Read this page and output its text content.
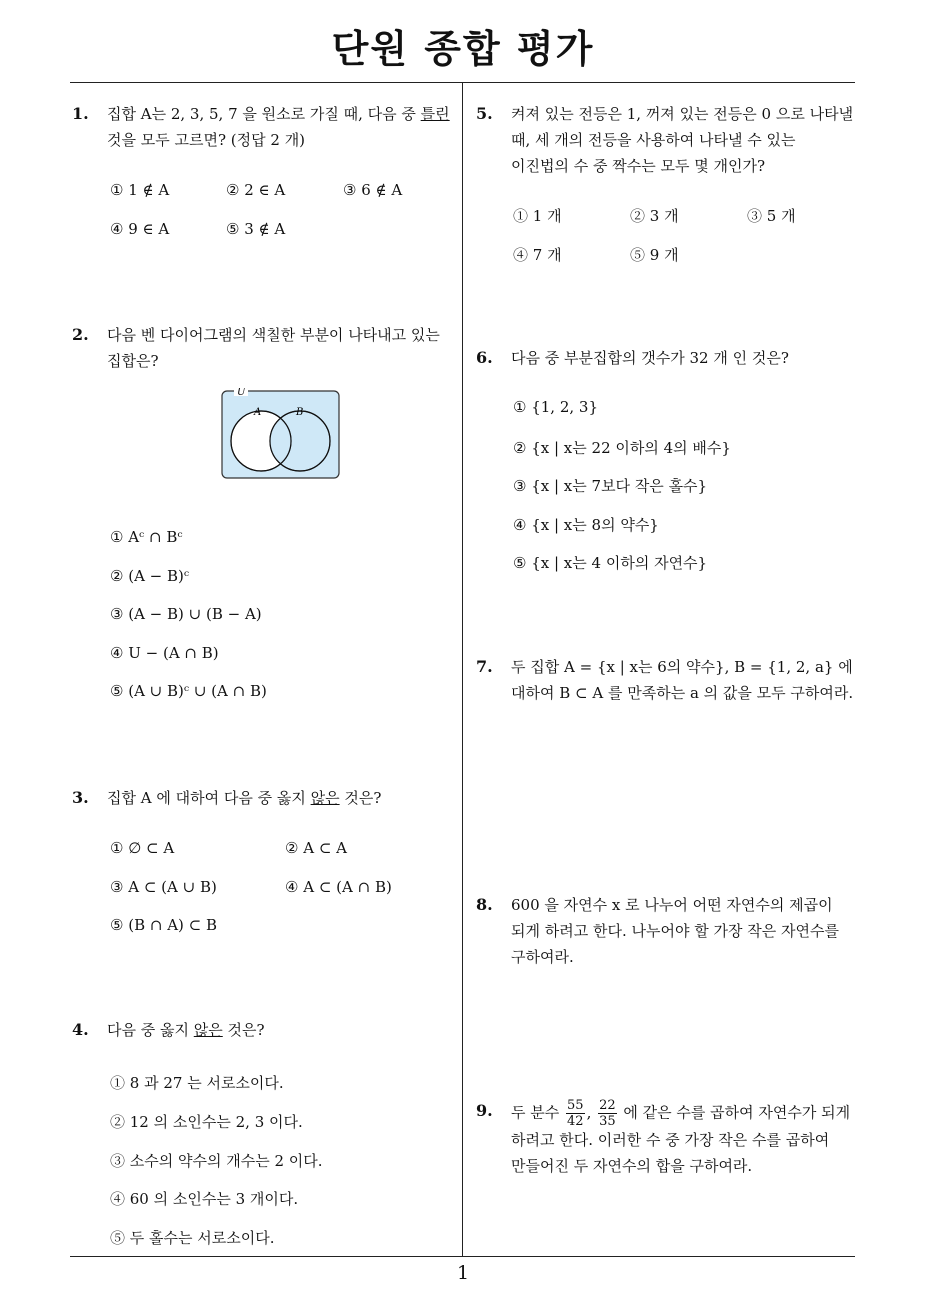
단원 종합 평가
1
1. 집합 A는 2, 3, 5, 7 을 원소로 가질 때, 다음 중 틀린
것을 모두 고르면? (정답 2 개)
① 1 ∉ A	② 2 ∈ A	③ 6 ∉ A
④ 9 ∈ A	⑤ 3 ∉ A
2. 다음 벤 다이어그램의 색칠한 부분이 나타내고 있는
집합은?
U
A	B
① Aᶜ ∩ Bᶜ
② (A − B)ᶜ
③ (A − B) ∪ (B − A)
④ U − (A ∩ B)
⑤ (A ∪ B)ᶜ ∪ (A ∩ B)
3. 집합 A 에 대하여 다음 중 옳지 않은 것은?
① ∅ ⊂ A	② A ⊂ A
③ A ⊂ (A ∪ B)	④ A ⊂ (A ∩ B)
⑤ (B ∩ A) ⊂ B
4. 다음 중 옳지 않은 것은?
① 8 과 27 는 서로소이다.
② 12 의 소인수는 2, 3 이다.
③ 소수의 약수의 개수는 2 이다.
④ 60 의 소인수는 3 개이다.
⑤ 두 홀수는 서로소이다.
5. 켜져 있는 전등은 1, 꺼져 있는 전등은 0 으로 나타낼
때, 세 개의 전등을 사용하여 나타낼 수 있는
이진법의 수 중 짝수는 모두 몇 개인가?
① 1 개	② 3 개	③ 5 개
④ 7 개	⑤ 9 개
6. 다음 중 부분집합의 갯수가 32 개 인 것은?
① {1, 2, 3}
② {x | x는 22 이하의 4의 배수}
③ {x | x는 7보다 작은 홀수}
④ {x | x는 8의 약수}
⑤ {x | x는 4 이하의 자연수}
7. 두 집합 A = {x | x는 6의 약수}, B = {1, 2, a} 에
대하여 B ⊂ A 를 만족하는 a 의 값을 모두 구하여라.
8. 600 을 자연수 x 로 나누어 어떤 자연수의 제곱이
되게 하려고 한다. 나누어야 할 가장 작은 자연수를
구하여라.
9. 두 분수 $\frac{55}{42}$ , $\frac{22}{35}$ 에 같은 수를 곱하여 자연수가 되게
하려고 한다. 이러한 수 중 가장 작은 수를 곱하여
만들어진 두 자연수의 합을 구하여라.
